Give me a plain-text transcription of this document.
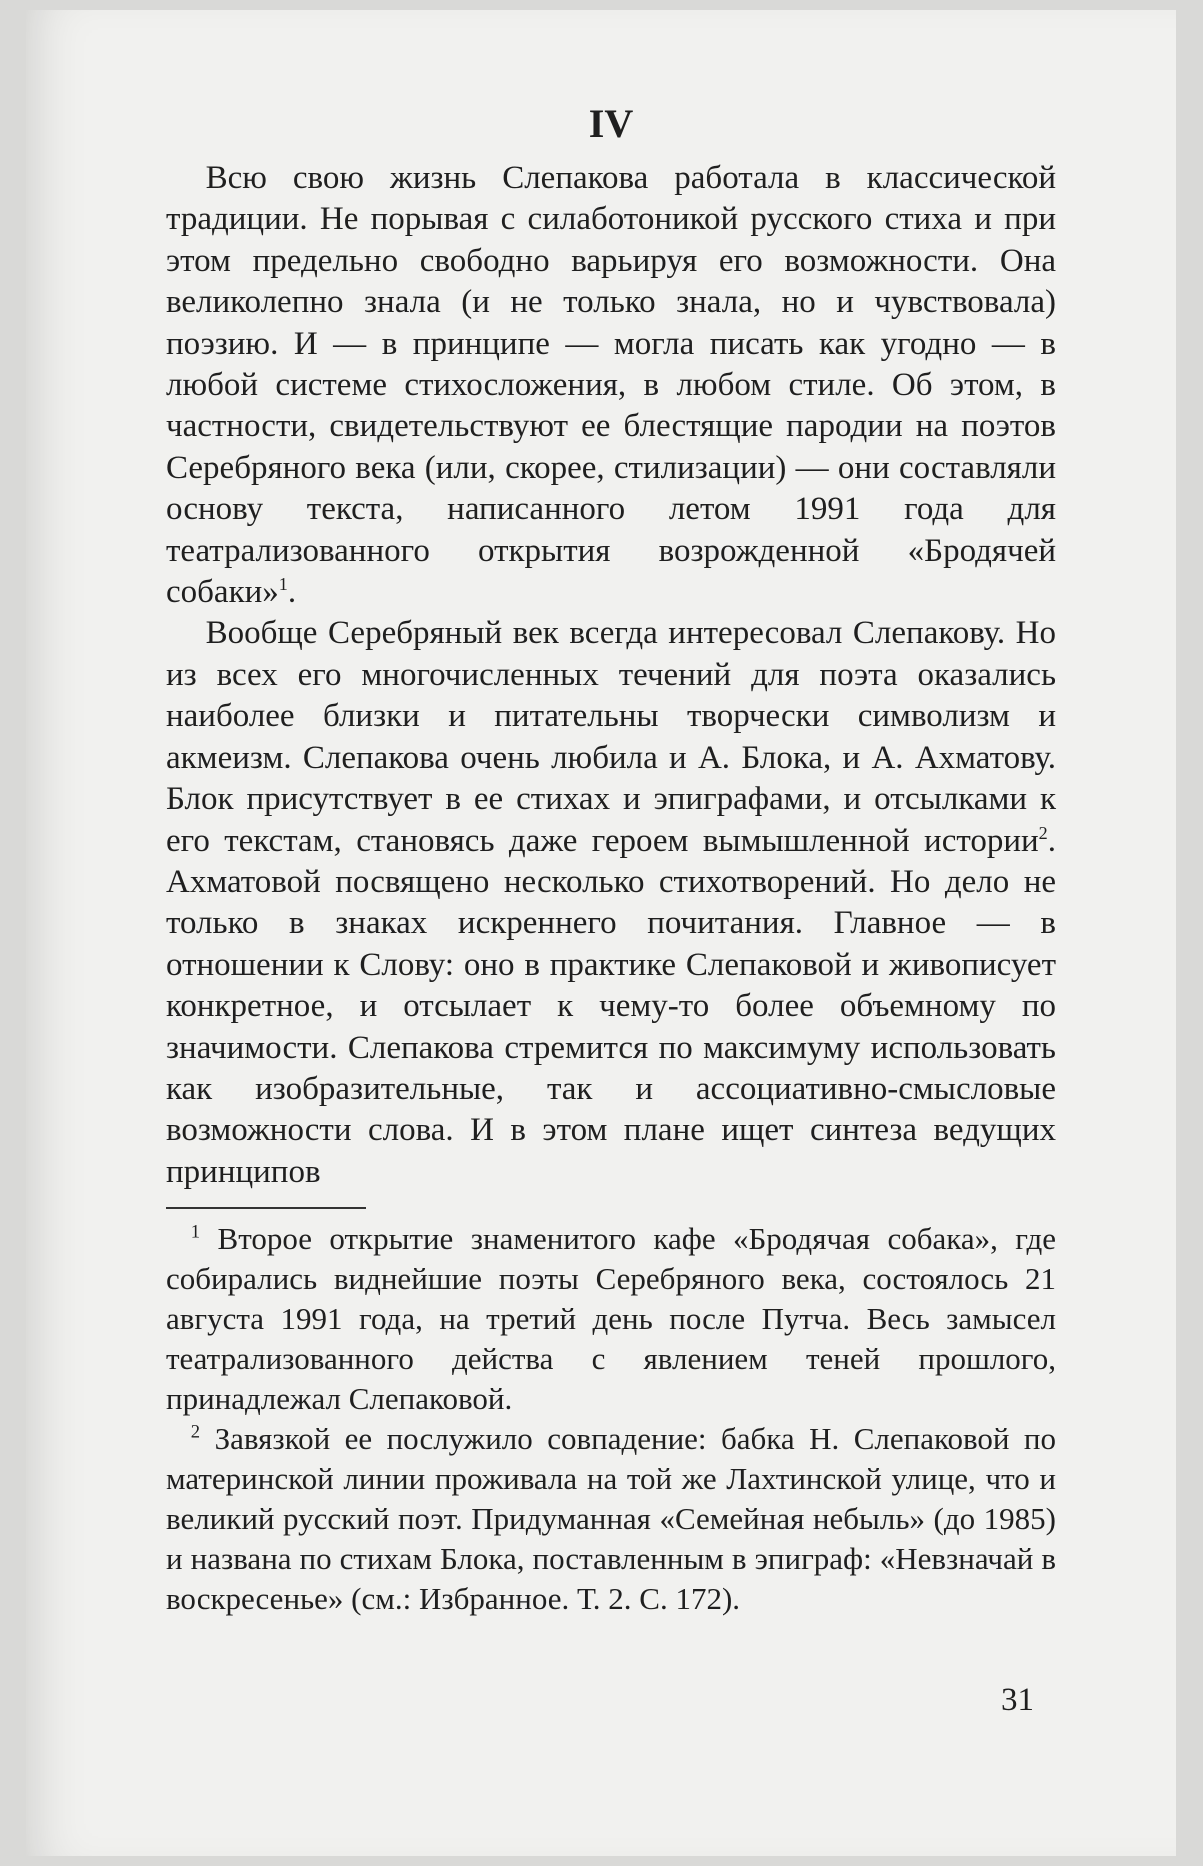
IV

Всю свою жизнь Слепакова работала в классической традиции. Не порывая с силаботоникой русского стиха и при этом предельно свободно варьируя его возможности. Она великолепно знала (и не только знала, но и чувствовала) поэзию. И — в принципе — могла писать как угодно — в любой системе стихосложения, в любом стиле. Об этом, в частности, свидетельствуют ее блестящие пародии на поэтов Серебряного века (или, скорее, стилизации) — они составляли основу текста, написанного летом 1991 года для театрализованного открытия возрожденной «Бродячей собаки»$^1$.

Вообще Серебряный век всегда интересовал Слепакову. Но из всех его многочисленных течений для поэта оказались наиболее близки и питательны творчески символизм и акмеизм. Слепакова очень любила и А. Блока, и А. Ахматову. Блок присутствует в ее стихах и эпиграфами, и отсылками к его текстам, становясь даже героем вымышленной истории$^2$. Ахматовой посвящено несколько стихотворений. Но дело не только в знаках искреннего почитания. Главное — в отношении к Слову: оно в практике Слепаковой и живописует конкретное, и отсылает к чему-то более объемному по значимости. Слепакова стремится по максимуму использовать как изобразительные, так и ассоциативно-смысловые возможности слова. И в этом плане ищет синтеза ведущих принципов

$^1$ Второе открытие знаменитого кафе «Бродячая собака», где собирались виднейшие поэты Серебряного века, состоялось 21 августа 1991 года, на третий день после Путча. Весь замысел театрализованного действа с явлением теней прошлого, принадлежал Слепаковой.

$^2$ Завязкой ее послужило совпадение: бабка Н. Слепаковой по материнской линии проживала на той же Лахтинской улице, что и великий русский поэт. Придуманная «Семейная небыль» (до 1985) и названа по стихам Блока, поставленным в эпиграф: «Невзначай в воскресенье» (см.: Избранное. Т. 2. С. 172).

31
